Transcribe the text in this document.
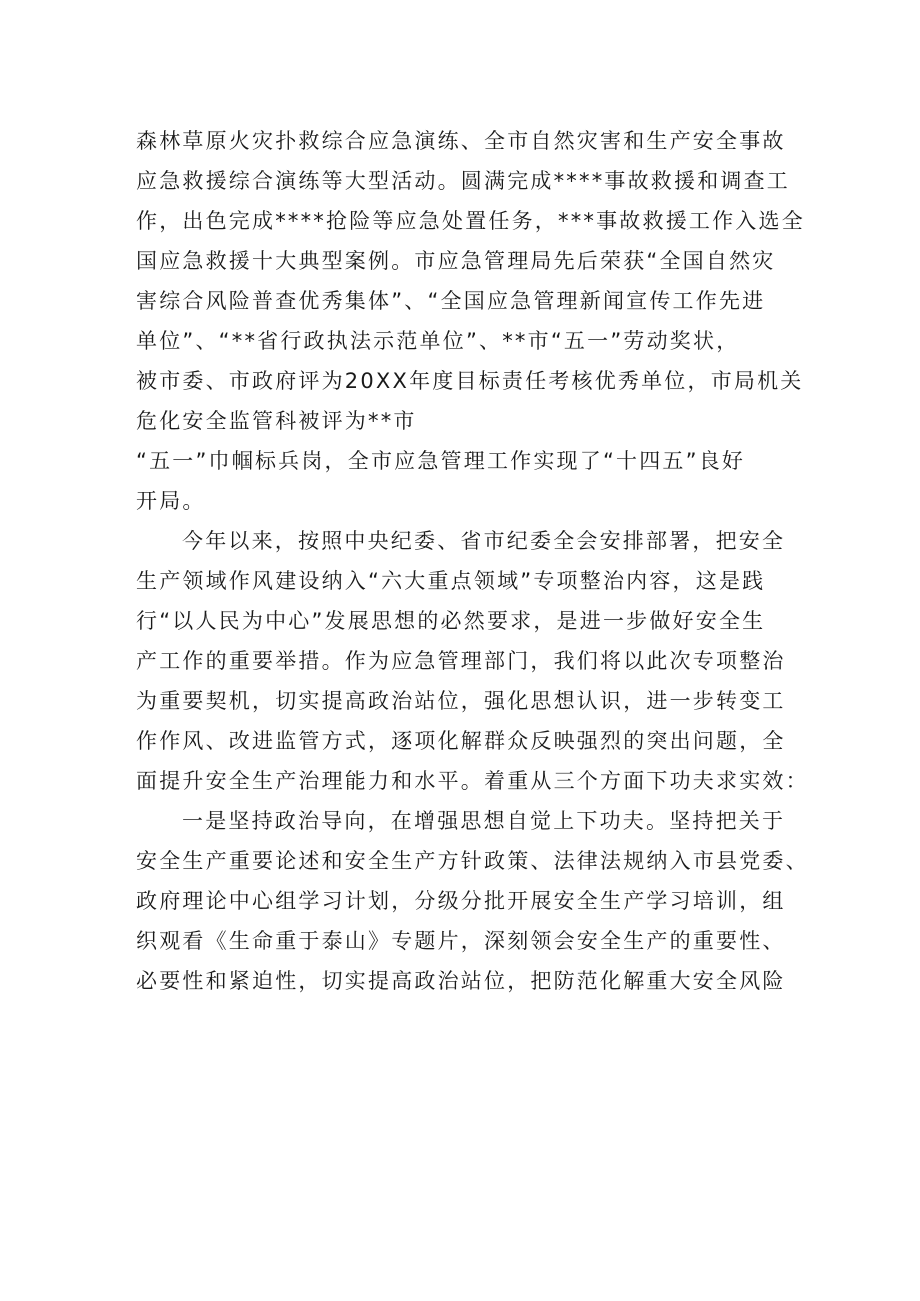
森林草原火灾扑救综合应急演练、全市自然灾害和生产安全事故
应急救援综合演练等大型活动。圆满完成****事故救援和调查工
作，出色完成****抢险等应急处置任务，***事故救援工作入选全
国应急救援十大典型案例。市应急管理局先后荣获“全国自然灾
害综合风险普查优秀集体”、“全国应急管理新闻宣传工作先进
单位”、“**省行政执法示范单位”、**市“五一”劳动奖状，
被市委、市政府评为20XX年度目标责任考核优秀单位，市局机关
危化安全监管科被评为**市
“五一”巾帼标兵岗，全市应急管理工作实现了“十四五”良好
开局。
今年以来，按照中央纪委、省市纪委全会安排部署，把安全
生产领域作风建设纳入“六大重点领域”专项整治内容，这是践
行“以人民为中心”发展思想的必然要求，是进一步做好安全生
产工作的重要举措。作为应急管理部门，我们将以此次专项整治
为重要契机，切实提高政治站位，强化思想认识，进一步转变工
作作风、改进监管方式，逐项化解群众反映强烈的突出问题，全
面提升安全生产治理能力和水平。着重从三个方面下功夫求实效：
一是坚持政治导向，在增强思想自觉上下功夫。坚持把关于
安全生产重要论述和安全生产方针政策、法律法规纳入市县党委、
政府理论中心组学习计划，分级分批开展安全生产学习培训，组
织观看《生命重于泰山》专题片，深刻领会安全生产的重要性、
必要性和紧迫性，切实提高政治站位，把防范化解重大安全风险
